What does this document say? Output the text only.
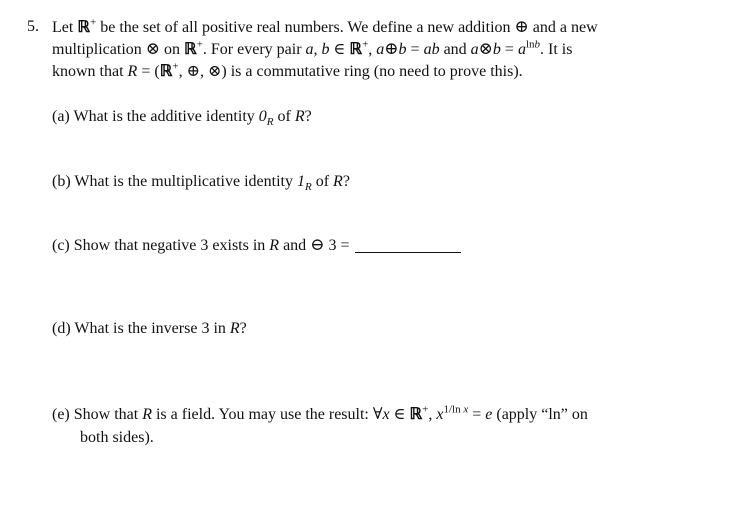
5. Let ℝ+ be the set of all positive real numbers. We define a new addition ⊕ and a new
multiplication ⊗ on ℝ+. For every pair a, b ∈ ℝ+, a⊕b = ab and a⊗b = $a^{lnb}$. It is
known that R = (ℝ+, ⊕, ⊗) is a commutative ring (no need to prove this).
(a) What is the additive identity $0_R$ of R?
(b) What is the multiplicative identity $1_R$ of R?
(c) Show that negative 3 exists in R and ⊖ 3 =
(d) What is the inverse 3 in R?
(e) Show that R is a field. You may use the result: ∀x ∈ ℝ+, $x^{1/ln x} = e$ (apply “ln” on
both sides).
